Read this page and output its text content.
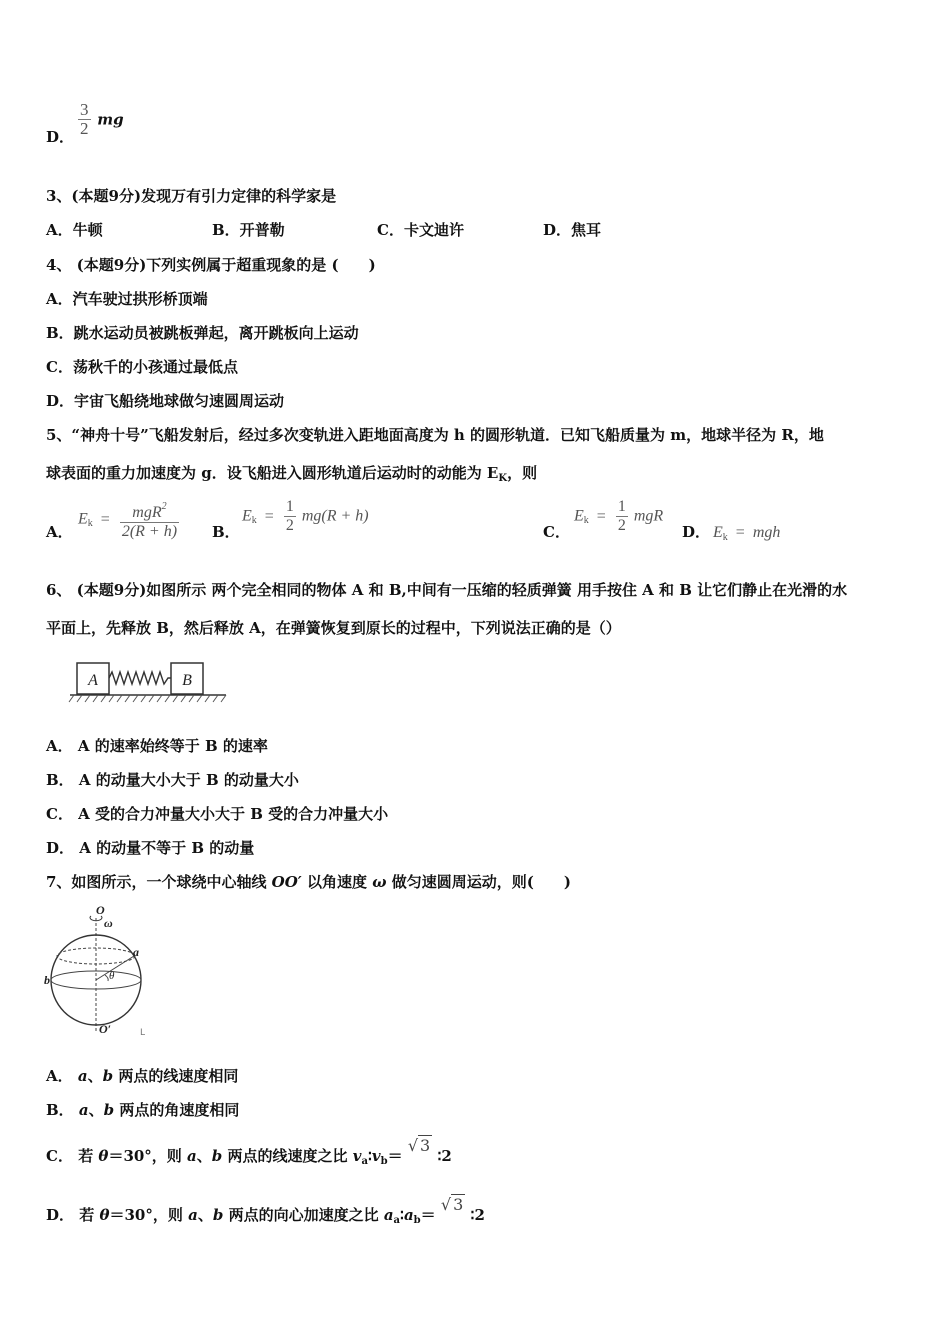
D． $\frac{3}{2}$ mg
3、(本题9分)发现万有引力定律的科学家是
A．牛顿	B．开普勒	C．卡文迪许	D．焦耳
4、 (本题9分)下列实例属于超重现象的是 (　　)
A．汽车驶过拱形桥顶端
B．跳水运动员被跳板弹起，离开跳板向上运动
C．荡秋千的小孩通过最低点
D．宇宙飞船绕地球做匀速圆周运动
5、“神舟十号”飞船发射后，经过多次变轨进入距地面高度为 h 的圆形轨道．已知飞船质量为 m，地球半径为 R，地
球表面的重力加速度为 g．设飞船进入圆形轨道后运动时的动能为 $E_K$，则
A．
$E_k = \frac{mgR^2}{2(R + h)}$ B．
$E_k = \frac{1}{2} mg(R + h)$
C．
$E_k = \frac{1}{2}$ mgR
D． $E_k$ = mgh
6、 (本题9分)如图所示 两个完全相同的物体 A 和 B,中间有一压缩的轻质弹簧 用手按住 A 和 B 让它们静止在光滑的水
平面上，先释放 B，然后释放 A，在弹簧恢复到原长的过程中，下列说法正确的是（）
A	B
A． A 的速率始终等于 B 的速率
B． A 的动量大小大于 B 的动量大小
C． A 受的合力冲量大小大于 B 受的合力冲量大小
D． A 的动量不等于 B 的动量
7、如图所示，一个球绕中心轴线 OO′ 以角速度 ω 做匀速圆周运动，则(　　)
O
ω
a
θ
b
O′	L
A． a、b 两点的线速度相同
B． a、b 两点的角速度相同
C． 若 θ＝30°，则 a、b 两点的线速度之比 $v_a∶v_b=$ √ 3 ∶2
D． 若 θ＝30°，则 a、b 两点的向心加速度之比 $a_a∶a_b=$ √ 3 ∶2
